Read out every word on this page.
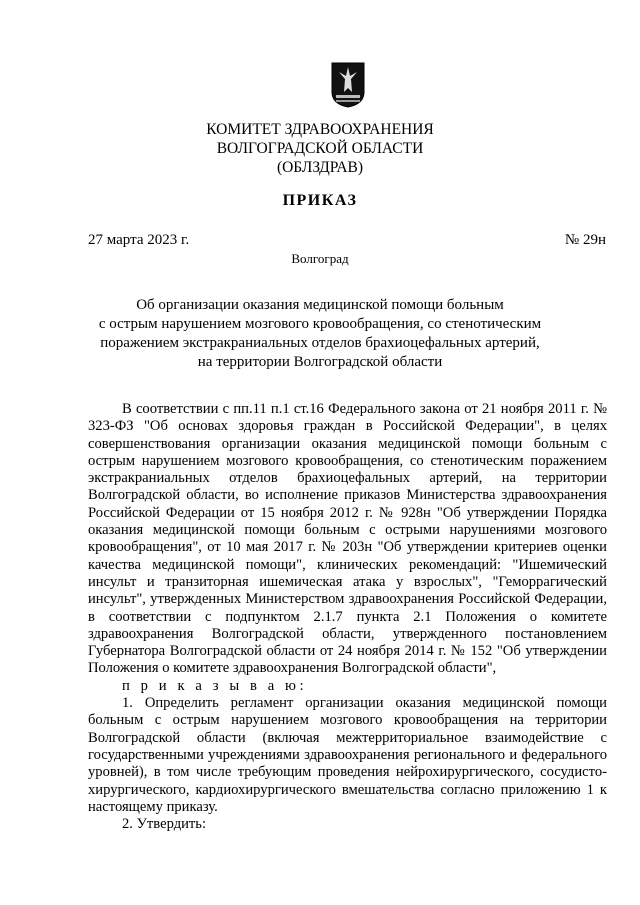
КОМИТЕТ ЗДРАВООХРАНЕНИЯ
ВОЛГОГРАДСКОЙ ОБЛАСТИ
(ОБЛЗДРАВ)
ПРИКАЗ
27 марта 2023 г.	№ 29н
Волгоград
Об организации оказания медицинской помощи больным
с острым нарушением мозгового кровообращения, со стенотическим
поражением экстракраниальных отделов брахиоцефальных артерий,
на территории Волгоградской области

В соответствии с пп.11 п.1 ст.16 Федерального закона от 21 ноября 2011 г. № 323-ФЗ "Об основах здоровья граждан в Российской Федерации", в целях совершенствования организации оказания медицинской помощи больным с острым нарушением мозгового кровообращения, со стенотическим поражением экстракраниальных отделов брахиоцефальных артерий, на территории Волгоградской области, во исполнение приказов Министерства здравоохранения Российской Федерации от 15 ноября 2012 г. № 928н "Об утверждении Порядка оказания медицинской помощи больным с острыми нарушениями мозгового кровообращения", от 10 мая 2017 г. № 203н "Об утверждении критериев оценки качества медицинской помощи", клинических рекомендаций: "Ишемический инсульт и транзиторная ишемическая атака у взрослых", "Геморрагический инсульт", утвержденных Министерством здравоохранения Российской Федерации, в соответствии с подпунктом 2.1.7 пункта 2.1 Положения о комитете здравоохранения Волгоградской области, утвержденного постановлением Губернатора Волгоградской области от 24 ноября 2014 г. № 152 "Об утверждении Положения о комитете здравоохранения Волгоградской области",

п р и к а з ы в а ю:

1. Определить регламент организации оказания медицинской помощи больным с острым нарушением мозгового кровообращения на территории Волгоградской области (включая межтерриториальное взаимодействие с государственными учреждениями здравоохранения регионального и федерального уровней), в том числе требующим проведения нейрохирургического, сосудисто-хирургического, кардиохирургического вмешательства согласно приложению 1 к настоящему приказу.

2. Утвердить:
